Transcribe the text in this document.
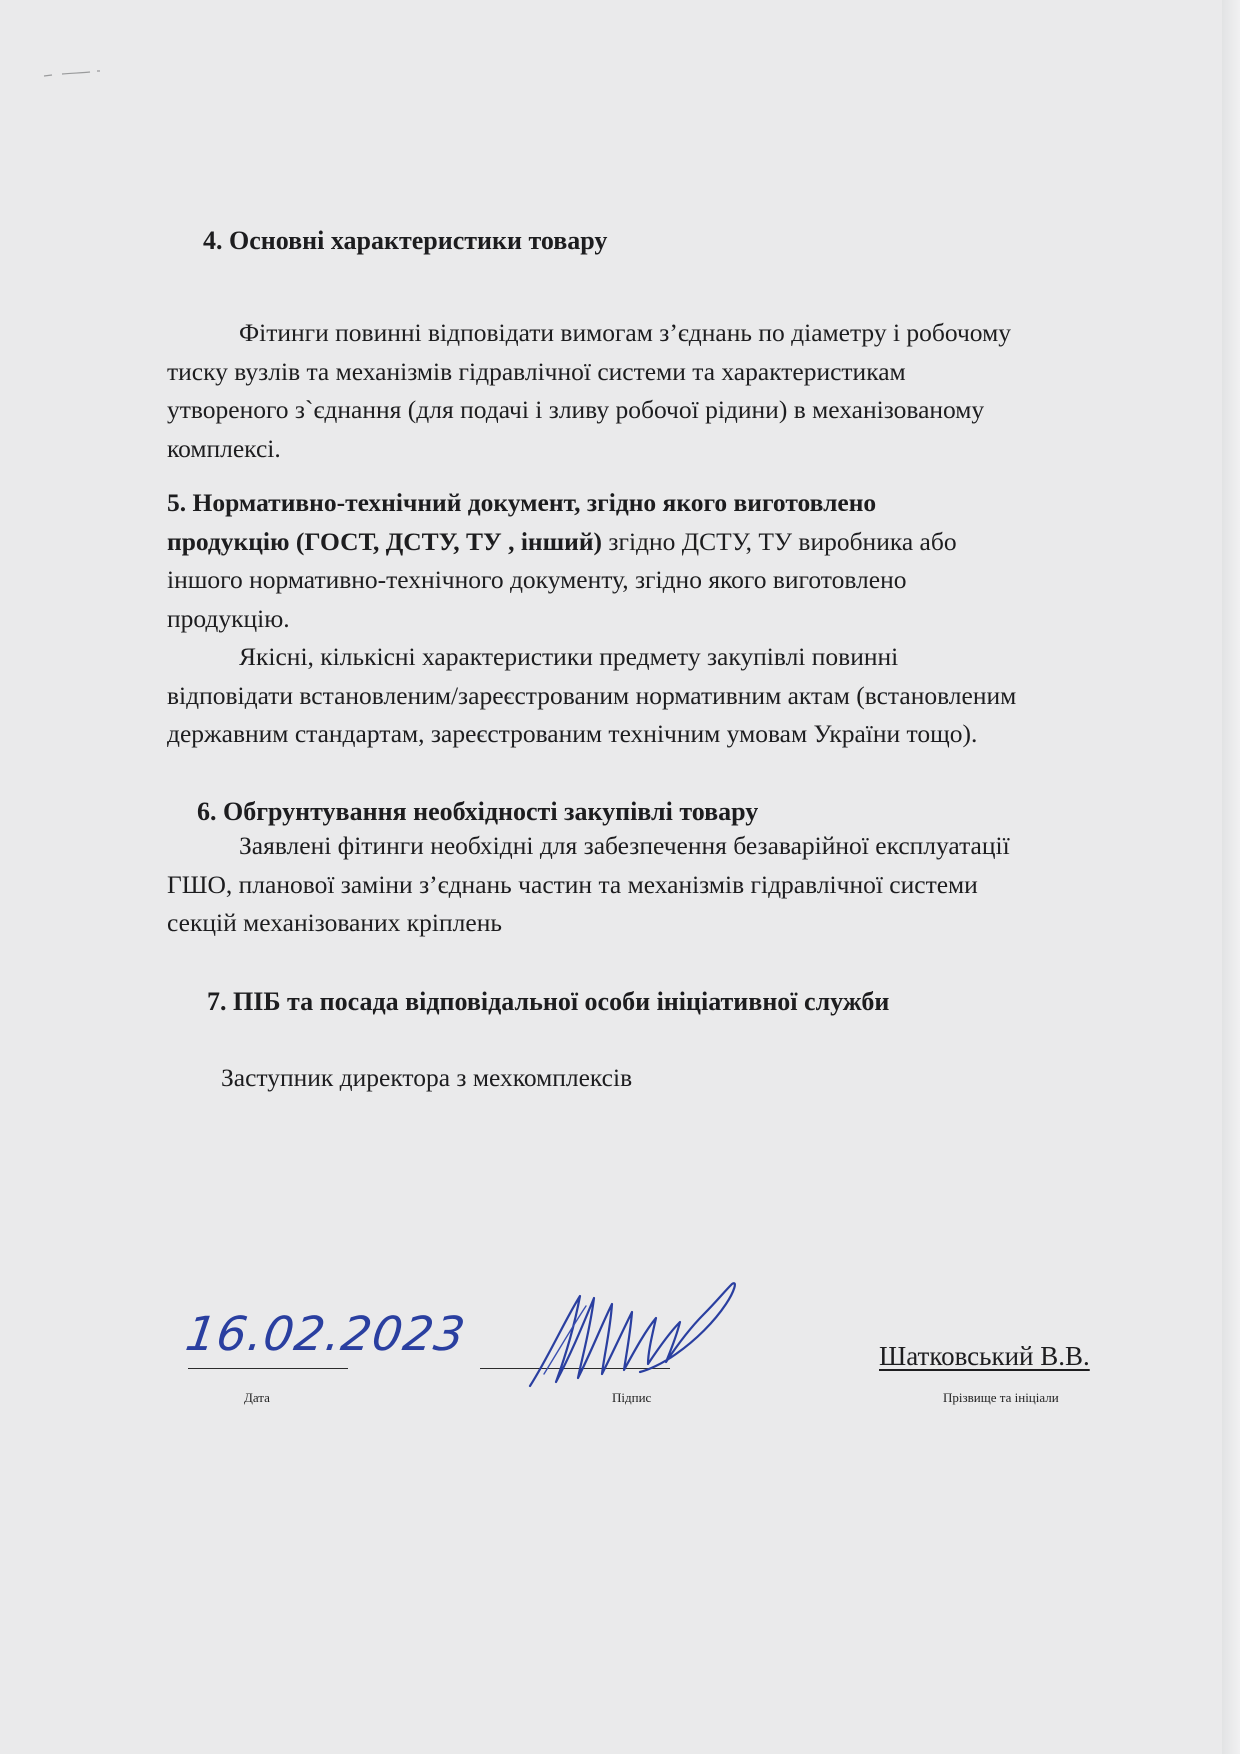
4. Основні характеристики товару

Фітинги повинні відповідати вимогам з’єднань по діаметру і робочому
тиску вузлів та механізмів гідравлічної системи та характеристикам
утвореного з`єднання (для подачі і зливу робочої рідини) в механізованому
комплексі.

5. Нормативно-технічний документ, згідно якого виготовлено
продукцію (ГОСТ, ДСТУ, ТУ , інший) згідно ДСТУ, ТУ виробника або
іншого нормативно-технічного документу, згідно якого виготовлено
продукцію.
Якісні, кількісні характеристики предмету закупівлі повинні
відповідати встановленим/зареєстрованим нормативним актам (встановленим
державним стандартам, зареєстрованим технічним умовам України тощо).

6. Обгрунтування необхідності закупівлі товару

Заявлені фітинги необхідні для забезпечення безаварійної експлуатації
ГШО, планової заміни з’єднань частин та механізмів гідравлічної системи
секцій механізованих кріплень

7. ПІБ та посада відповідальної особи ініціативної служби
Заступник директора з мехкомплексів
16.02.2023
Дата	Підпис
Шатковський В.В.
Прізвище та ініціали
